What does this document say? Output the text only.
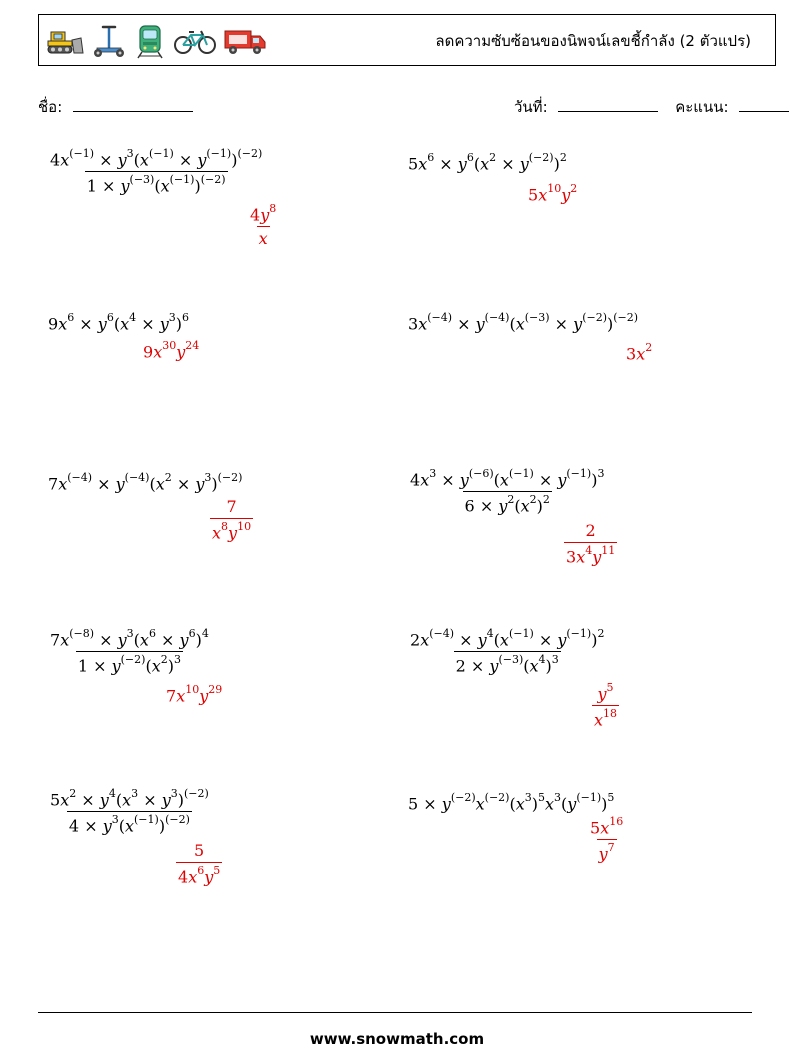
ลดความซับซ้อนของนิพจน์เลขชี้กำลัง (2 ตัวแปร)
ชื่อ:	วันที่:	คะแนน:
$\frac{4x^{(-1)} \times y^3(x^{(-1)} \times y^{(-1)})^{(-2)}}{1 \times y^{(-3)}(x^{(-1)})^{(-2)}}$
$\frac{4y^8}{x}$
$5x^6 \times y^6(x^2 \times y^{(-2)})^2$
$5x^{10}y^2$
$9x^6 \times y^6(x^4 \times y^3)^6$
$9x^{30}y^{24}$
$3x^{(-4)} \times y^{(-4)}(x^{(-3)} \times y^{(-2)})^{(-2)}$
$3x^2$
$7x^{(-4)} \times y^{(-4)}(x^2 \times y^3)^{(-2)}$
$\frac{7}{x^8y^{10}}$
$\frac{4x^3 \times y^{(-6)}(x^{(-1)} \times y^{(-1)})^3}{6 \times y^2(x^2)^2}$
$\frac{2}{3x^4y^{11}}$
$\frac{7x^{(-8)} \times y^3(x^6 \times y^6)^4}{1 \times y^{(-2)}(x^2)^3}$
$7x^{10}y^{29}$
$\frac{2x^{(-4)} \times y^4(x^{(-1)} \times y^{(-1)})^2}{2 \times y^{(-3)}(x^4)^3}$
$\frac{y^5}{x^{18}}$
$\frac{5x^2 \times y^4(x^3 \times y^3)^{(-2)}}{4 \times y^3(x^{(-1)})^{(-2)}}$
$\frac{5}{4x^6y^5}$
$5 \times y^{(-2)}x^{(-2)}(x^3)^5x^3(y^{(-1)})^5$
$\frac{5x^{16}}{y^7}$
www.snowmath.com
